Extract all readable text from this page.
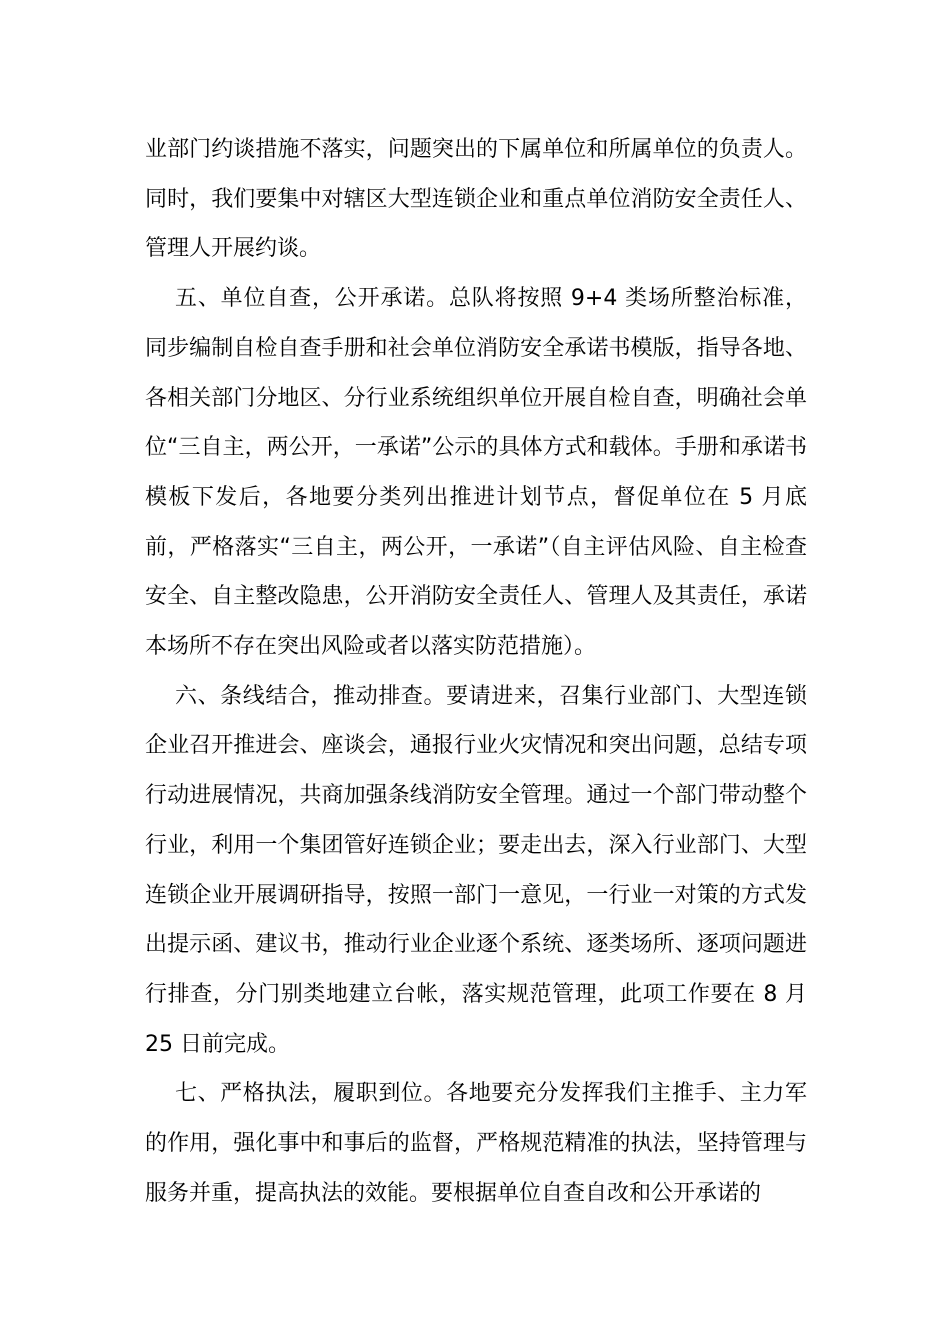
业部门约谈措施不落实，问题突出的下属单位和所属单位的负责人。同时，我们要集中对辖区大型连锁企业和重点单位消防安全责任人、管理人开展约谈。

五、单位自查，公开承诺。总队将按照 9+4 类场所整治标准，同步编制自检自查手册和社会单位消防安全承诺书模版，指导各地、各相关部门分地区、分行业系统组织单位开展自检自查，明确社会单位“三自主，两公开，一承诺”公示的具体方式和载体。手册和承诺书模板下发后，各地要分类列出推进计划节点，督促单位在 5 月底前，严格落实“三自主，两公开，一承诺”（自主评估风险、自主检查安全、自主整改隐患，公开消防安全责任人、管理人及其责任，承诺本场所不存在突出风险或者以落实防范措施）。

六、条线结合，推动排查。要请进来，召集行业部门、大型连锁企业召开推进会、座谈会，通报行业火灾情况和突出问题，总结专项行动进展情况，共商加强条线消防安全管理。通过一个部门带动整个行业，利用一个集团管好连锁企业；要走出去，深入行业部门、大型连锁企业开展调研指导，按照一部门一意见，一行业一对策的方式发出提示函、建议书，推动行业企业逐个系统、逐类场所、逐项问题进行排查，分门别类地建立台帐，落实规范管理，此项工作要在 8 月 25 日前完成。

七、严格执法，履职到位。各地要充分发挥我们主推手、主力军的作用，强化事中和事后的监督，严格规范精准的执法，坚持管理与服务并重，提高执法的效能。要根据单位自查自改和公开承诺的
